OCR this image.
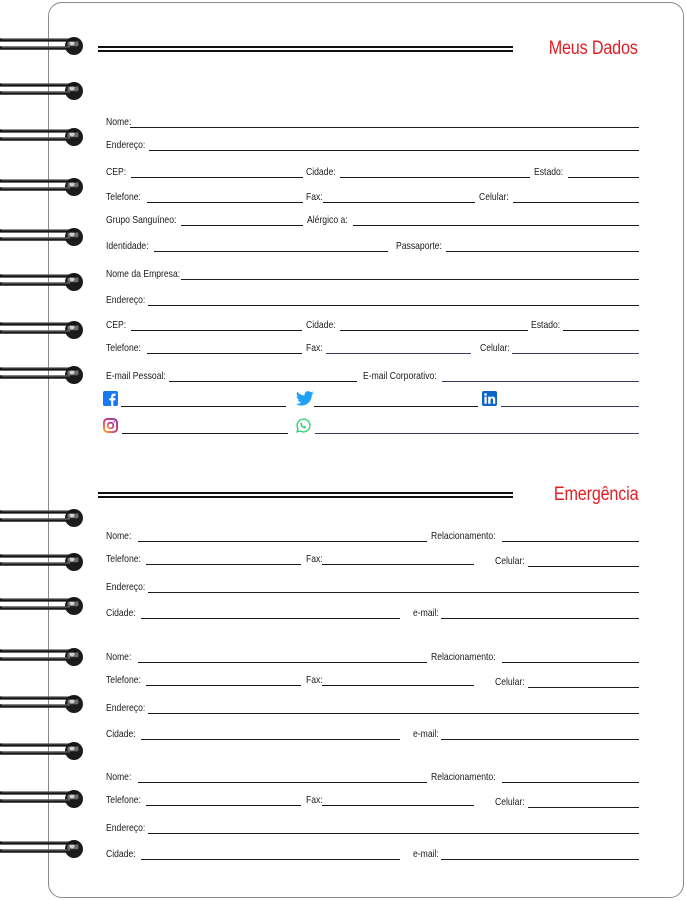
Meus Dados
Nome:
Endereço:
CEP:	Cidade:	Estado:
Telefone:	Fax:	Celular:
Grupo Sanguíneo:	Alérgico a:
Identidade:	Passaporte:
Nome da Empresa:
Endereço:
CEP:	Cidade:	Estado:
Telefone:	Fax:	Celular:
E-mail Pessoal:	E-mail Corporativo:
Emergência
Nome:	Relacionamento:
Telefone:	Fax:	Celular:
Endereço:
Cidade:	e-mail:
Nome:	Relacionamento:
Telefone:	Fax:	Celular:
Endereço:
Cidade:	e-mail:
Nome:	Relacionamento:
Telefone:	Fax:	Celular:
Endereço:
Cidade:	e-mail:
